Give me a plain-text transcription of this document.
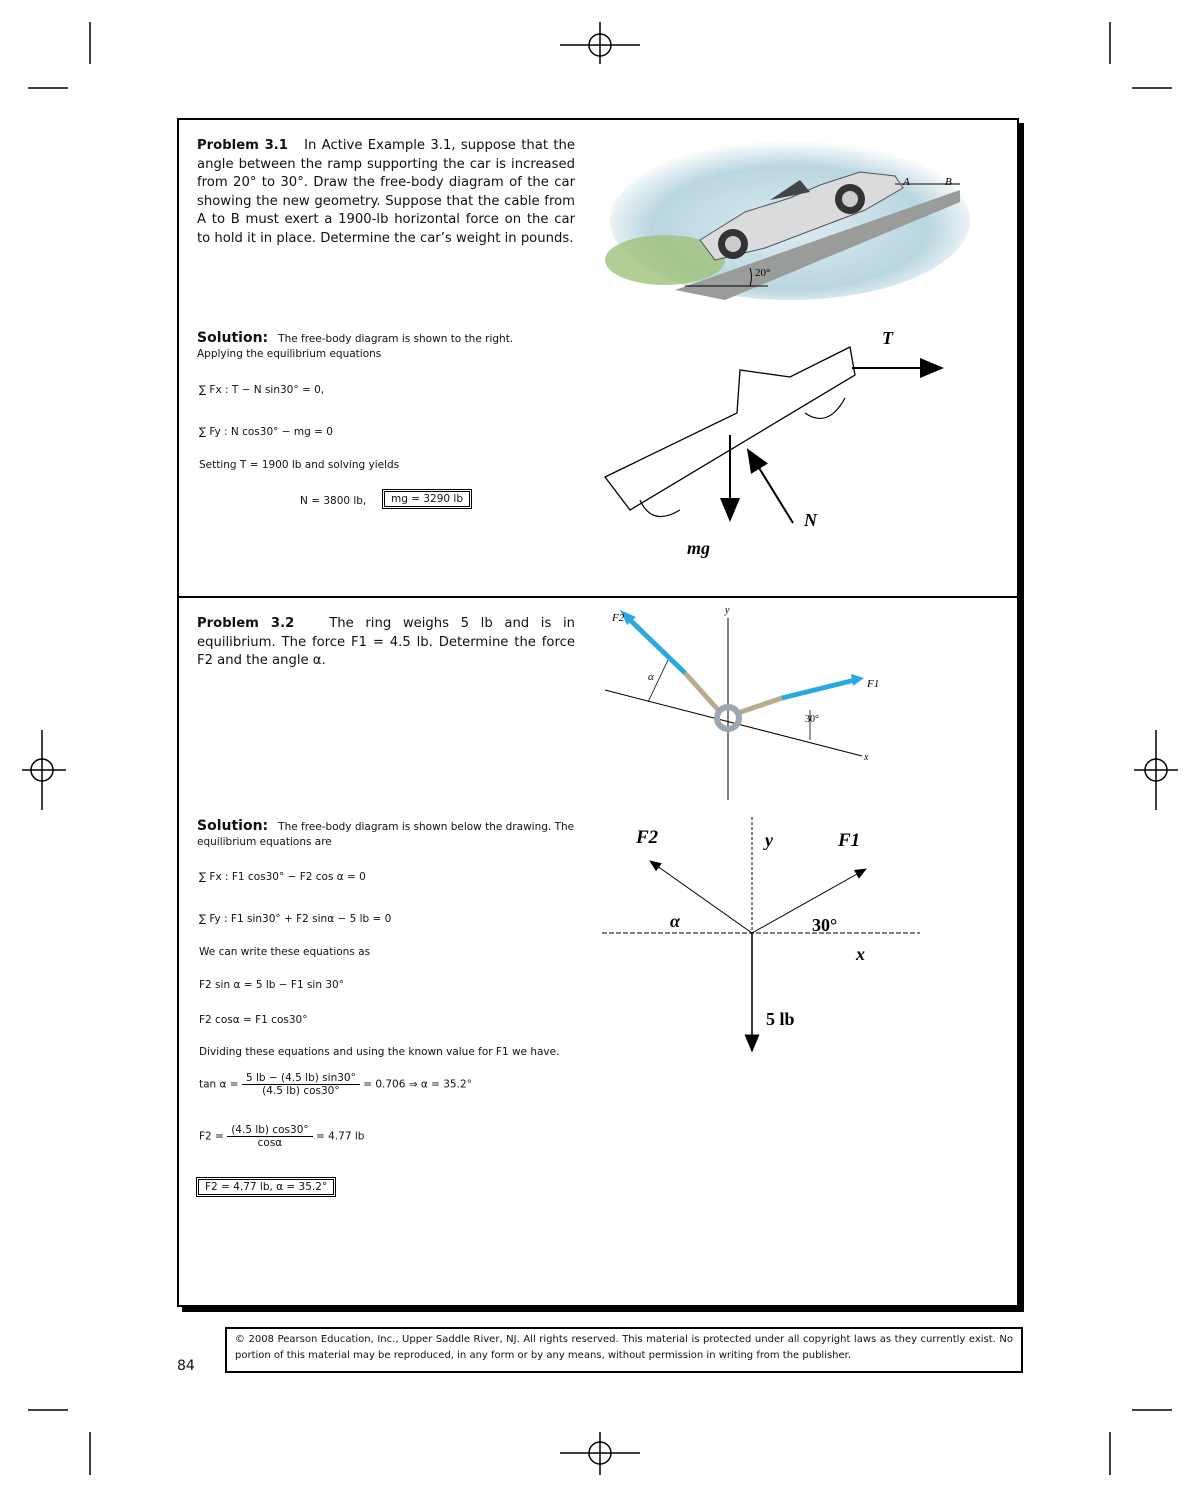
Problem 3.1 In Active Example 3.1, suppose that the angle between the ramp supporting the car is increased from 20° to 30°. Draw the free-body diagram of the car showing the new geometry. Suppose that the cable from A to B must exert a 1900-lb horizontal force on the car to hold it in place. Determine the car’s weight in pounds.
20°
A	B
Solution: The free-body diagram is shown to the right.
Applying the equilibrium equations
∑ Fx : T − N sin30° = 0,
∑ Fy : N cos30° − mg = 0
Setting T = 1900 lb and solving yields
N = 3800 lb,	mg = 3290 lb
T
mg
N
Problem 3.2	The ring weighs 5 lb and is in equilibrium. The force F1 = 4.5 lb. Determine the force F2 and the angle α.
y
x
α
F2
F1
30°
Solution: The free-body diagram is shown below the drawing. The
equilibrium equations are
∑ Fx : F1 cos30° − F2 cos α = 0
∑ Fy : F1 sin30° + F2 sinα − 5 lb = 0
We can write these equations as
F2 sin α = 5 lb − F1 sin 30°
F2 cosα = F1 cos30°
Dividing these equations and using the known value for F1 we have.
$\tan \alpha = \frac{5 lb - (4.5 lb) \sin 30^\circ}{(4.5 lb) \cos 30^\circ} = 0.706$ ⇒ α = 35.2°
$F2 = \frac{(4.5 lb) \cos 30^\circ}{\cos\alpha} = 4.77$ lb
F2 = 4.77 lb, α = 35.2°
F2	y	F1
α	30°
x
5 lb
84
© 2008 Pearson Education, Inc., Upper Saddle River, NJ. All rights reserved. This material is protected under all copyright laws as they currently exist. No portion of this material may be reproduced, in any form or by any means, without permission in writing from the publisher.
